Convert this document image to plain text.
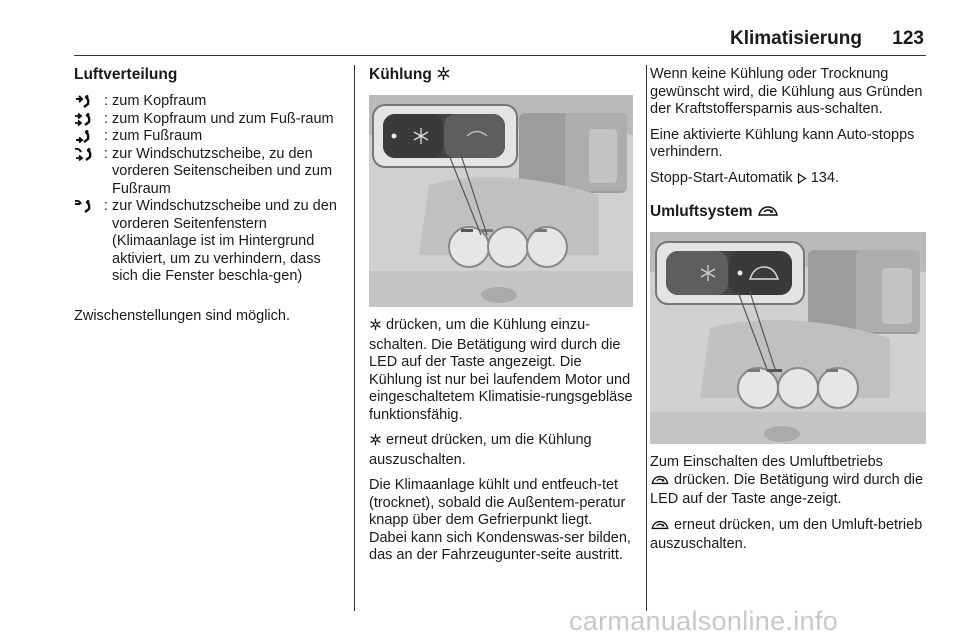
Klimatisierung	123
Luftverteilung
: zum Kopfraum
: zum Kopfraum und zum Fuß-raum
: zum Fußraum
: zur Windschutzscheibe, zu den vorderen Seitenscheiben und zum Fußraum
: zur Windschutzscheibe und zu den vorderen Seitenfenstern (Klimaanlage ist im Hintergrund aktiviert, um zu verhindern, dass sich die Fenster beschla-gen)

Zwischenstellungen sind möglich.

Kühlung

drücken, um die Kühlung einzu-schalten. Die Betätigung wird durch die LED auf der Taste angezeigt. Die Kühlung ist nur bei laufendem Motor und eingeschaltetem Klimatisie-rungsgebläse funktionsfähig.

erneut drücken, um die Kühlung auszuschalten.

Die Klimaanlage kühlt und entfeuch-tet (trocknet), sobald die Außentem-peratur knapp über dem Gefrierpunkt liegt. Dabei kann sich Kondenswas-ser bilden, das an der Fahrzeugunter-seite austritt.

Wenn keine Kühlung oder Trocknung gewünscht wird, die Kühlung aus Gründen der Kraftstoffersparnis aus-schalten.

Eine aktivierte Kühlung kann Auto-stopps verhindern.

Stopp-Start-Automatik 134.

Umluftsystem

Zum Einschalten des Umluftbetriebs

drücken. Die Betätigung wird durch die LED auf der Taste ange-zeigt.

erneut drücken, um den Umluft-betrieb auszuschalten.

carmanualsonline.info
